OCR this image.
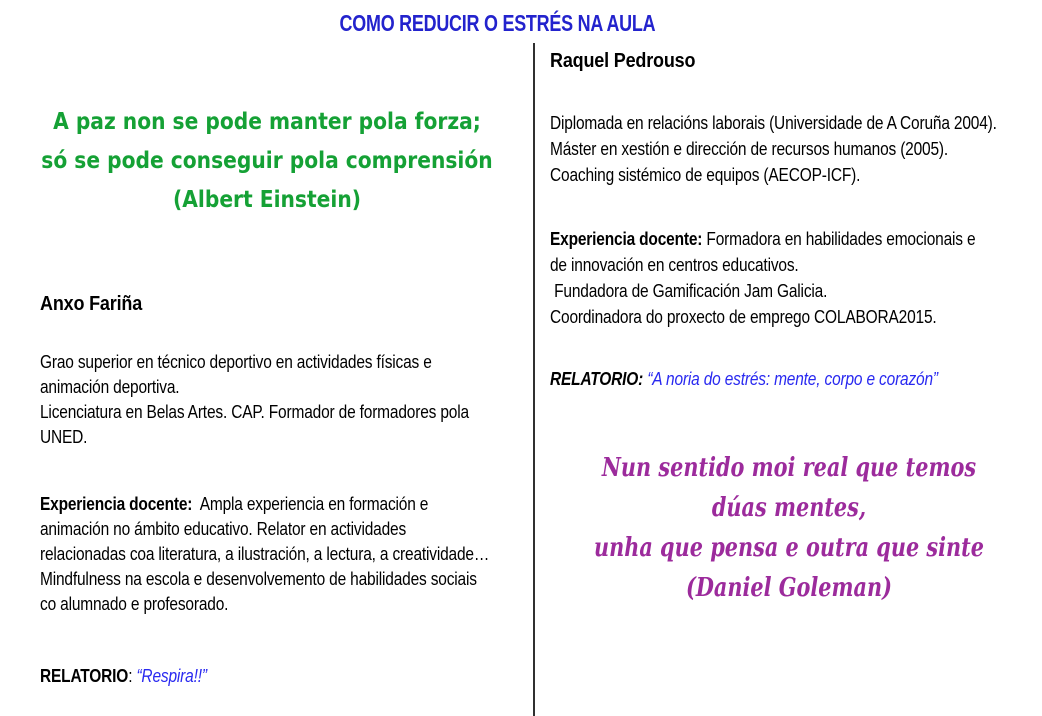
COMO REDUCIR O ESTRÉS NA AULA
A paz non se pode manter pola forza;
só se pode conseguir pola comprensión
(Albert Einstein)
Anxo Fariña
Grao superior en técnico deportivo en actividades físicas e
animación deportiva.
Licenciatura en Belas Artes. CAP. Formador de formadores pola
UNED.
Experiencia docente:  Ampla experiencia en formación e
animación no ámbito educativo. Relator en actividades
relacionadas coa literatura, a ilustración, a lectura, a creatividade…
Mindfulness na escola e desenvolvemento de habilidades sociais
co alumnado e profesorado.
RELATORIO: “Respira!!”
Raquel Pedrouso
Diplomada en relacións laborais (Universidade de A Coruña 2004).
Máster en xestión e dirección de recursos humanos (2005).
Coaching sistémico de equipos (AECOP-ICF).
Experiencia docente: Formadora en habilidades emocionais e
de innovación en centros educativos.
Fundadora de Gamificación Jam Galicia.
Coordinadora do proxecto de emprego COLABORA2015.
RELATORIO: “A noria do estrés: mente, corpo e corazón”
Nun sentido moi real que temos dúas mentes,
unha que pensa e outra que sinte
(Daniel Goleman)
